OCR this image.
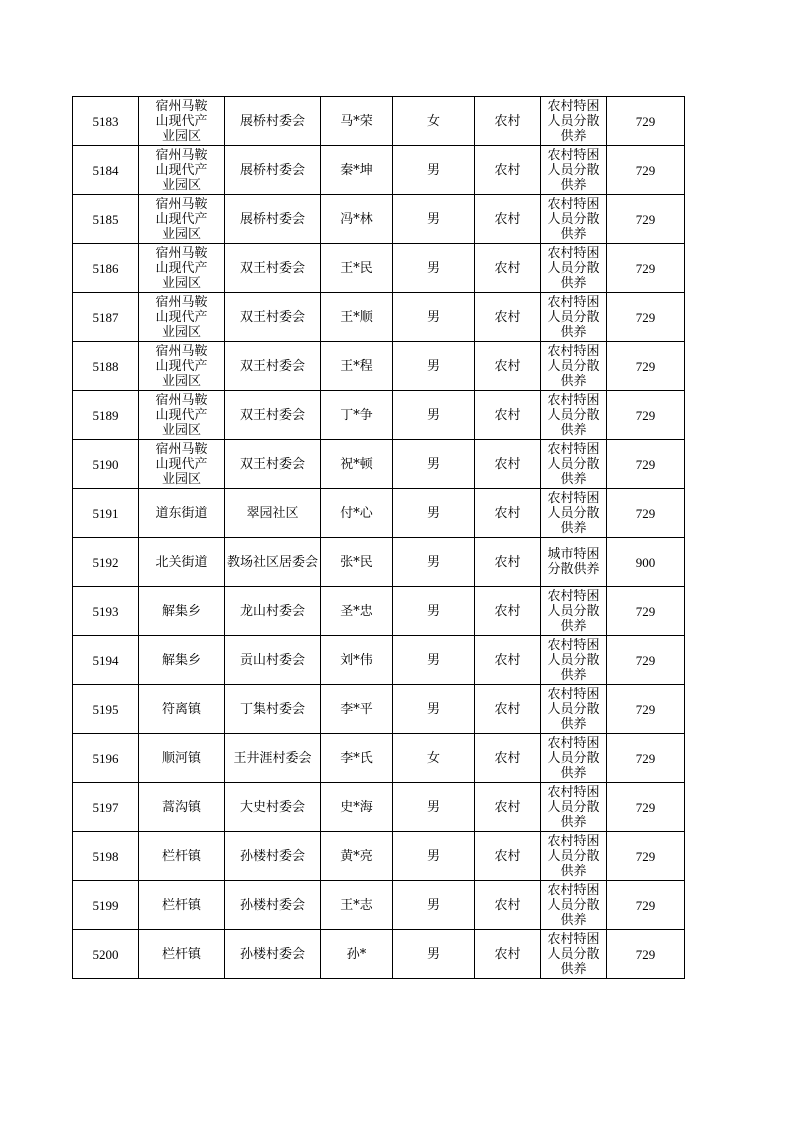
5183	宿州马鞍山现代产业园区	展桥村委会	马*荣	女	农村	农村特困人员分散供养	729
5184	宿州马鞍山现代产业园区	展桥村委会	秦*坤	男	农村	农村特困人员分散供养	729
5185	宿州马鞍山现代产业园区	展桥村委会	冯*林	男	农村	农村特困人员分散供养	729
5186	宿州马鞍山现代产业园区	双王村委会	王*民	男	农村	农村特困人员分散供养	729
5187	宿州马鞍山现代产业园区	双王村委会	王*顺	男	农村	农村特困人员分散供养	729
5188	宿州马鞍山现代产业园区	双王村委会	王*程	男	农村	农村特困人员分散供养	729
5189	宿州马鞍山现代产业园区	双王村委会	丁*争	男	农村	农村特困人员分散供养	729
5190	宿州马鞍山现代产业园区	双王村委会	祝*顿	男	农村	农村特困人员分散供养	729
5191	道东街道	翠园社区	付*心	男	农村	农村特困人员分散供养	729
5192	北关街道	教场社区居委会	张*民	男	农村	城市特困分散供养	900
5193	解集乡	龙山村委会	圣*忠	男	农村	农村特困人员分散供养	729
5194	解集乡	贡山村委会	刘*伟	男	农村	农村特困人员分散供养	729
5195	符离镇	丁集村委会	李*平	男	农村	农村特困人员分散供养	729
5196	顺河镇	王井涯村委会	李*氏	女	农村	农村特困人员分散供养	729
5197	蒿沟镇	大史村委会	史*海	男	农村	农村特困人员分散供养	729
5198	栏杆镇	孙楼村委会	黄*亮	男	农村	农村特困人员分散供养	729
5199	栏杆镇	孙楼村委会	王*志	男	农村	农村特困人员分散供养	729
5200	栏杆镇	孙楼村委会	孙*	男	农村	农村特困人员分散供养	729
